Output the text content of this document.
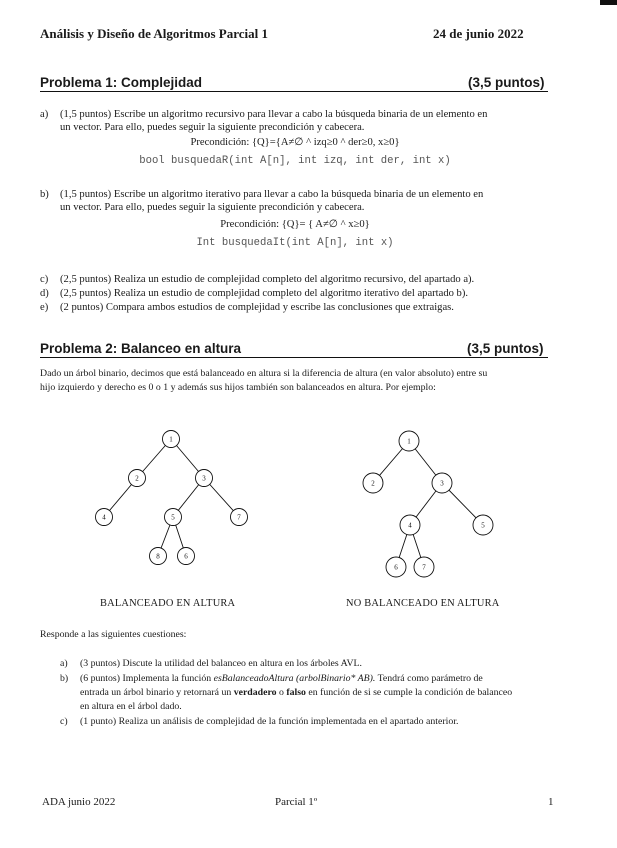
Análisis y Diseño de Algoritmos Parcial 1	24 de junio 2022
Problema 1: Complejidad	(3,5 puntos)
a) (1,5 puntos) Escribe un algoritmo recursivo para llevar a cabo la búsqueda binaria de un elemento en
un vector. Para ello, puedes seguir la siguiente precondición y cabecera.
Precondición: {Q}={A≠∅ ^ izq≥0 ^ der≥0, x≥0}
bool busquedaR(int A[n], int izq, int der, int x)
b) (1,5 puntos) Escribe un algoritmo iterativo para llevar a cabo la búsqueda binaria de un elemento en
un vector. Para ello, puedes seguir la siguiente precondición y cabecera.
Precondición: {Q}= { A≠∅ ^ x≥0}
Int busquedaIt(int A[n], int x)
c) (2,5 puntos) Realiza un estudio de complejidad completo del algoritmo recursivo, del apartado a).
d) (2,5 puntos) Realiza un estudio de complejidad completo del algoritmo iterativo del apartado b).
e) (2 puntos) Compara ambos estudios de complejidad y escribe las conclusiones que extraigas.
Problema 2: Balanceo en altura	(3,5 puntos)
Dado un árbol binario, decimos que está balanceado en altura si la diferencia de altura (en valor absoluto) entre su
hijo izquierdo y derecho es 0 o 1 y además sus hijos también son balanceados en altura. Por ejemplo:
1
2	3
4	5	7
8	6
1
2	3
4	5
6	7
BALANCEADO EN ALTURA	NO BALANCEADO EN ALTURA
Responde a las siguientes cuestiones:
a) (3 puntos) Discute la utilidad del balanceo en altura en los árboles AVL.
b) (6 puntos) Implementa la función esBalanceadoAltura (arbolBinario* AB). Tendrá como parámetro de
entrada un árbol binario y retornará un verdadero o falso en función de si se cumple la condición de balanceo
en altura en el árbol dado.
c) (1 punto) Realiza un análisis de complejidad de la función implementada en el apartado anterior.
ADA junio 2022	Parcial 1º	1
